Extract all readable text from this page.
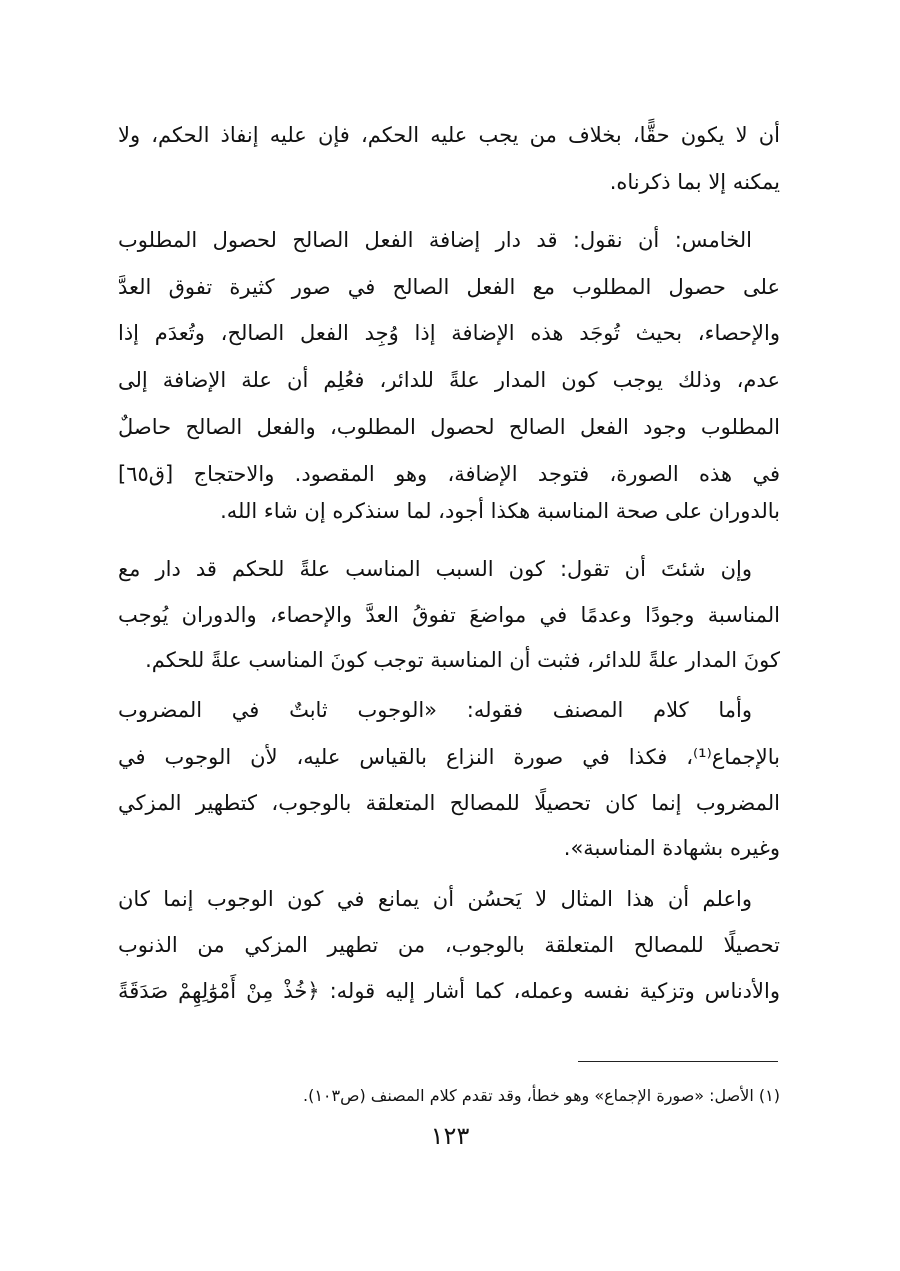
أن لا يكون حقًّا، بخلاف من يجب عليه الحكم، فإن عليه إنفاذ الحكم، ولا
يمكنه إلا بما ذكرناه.
الخامس: أن نقول: قد دار إضافة الفعل الصالح لحصول المطلوب
على حصول المطلوب مع الفعل الصالح في صور كثيرة تفوق العدَّ
والإحصاء، بحيث تُوجَد هذه الإضافة إذا وُجِد الفعل الصالح، وتُعدَم إذا
عدم، وذلك يوجب كون المدار علةً للدائر، فعُلِم أن علة الإضافة إلى
المطلوب وجود الفعل الصالح لحصول المطلوب، والفعل الصالح حاصلٌ
في هذه الصورة، فتوجد الإضافة، وهو المقصود. والاحتجاج [ق٦٥]
بالدوران على صحة المناسبة هكذا أجود، لما سنذكره إن شاء الله.
وإن شئتَ أن تقول: كون السبب المناسب علةً للحكم قد دار مع
المناسبة وجودًا وعدمًا في مواضعَ تفوقُ العدَّ والإحصاء، والدوران يُوجب
كونَ المدار علةً للدائر، فثبت أن المناسبة توجب كونَ المناسب علةً للحكم.
وأما كلام المصنف فقوله: «الوجوب ثابتٌ في المضروب
بالإجماع⁽¹⁾، فكذا في صورة النزاع بالقياس عليه، لأن الوجوب في
المضروب إنما كان تحصيلًا للمصالح المتعلقة بالوجوب، كتطهير المزكي
وغيره بشهادة المناسبة».
واعلم أن هذا المثال لا يَحسُن أن يمانع في كون الوجوب إنما كان
تحصيلًا للمصالح المتعلقة بالوجوب، من تطهير المزكي من الذنوب
والأدناس وتزكية نفسه وعمله، كما أشار إليه قوله: ﴿خُذْ مِنْ أَمْوَٰلِهِمْ صَدَقَةً
(١) الأصل: «صورة الإجماع» وهو خطأ، وقد تقدم كلام المصنف (ص١٠٣).
١٢٣
